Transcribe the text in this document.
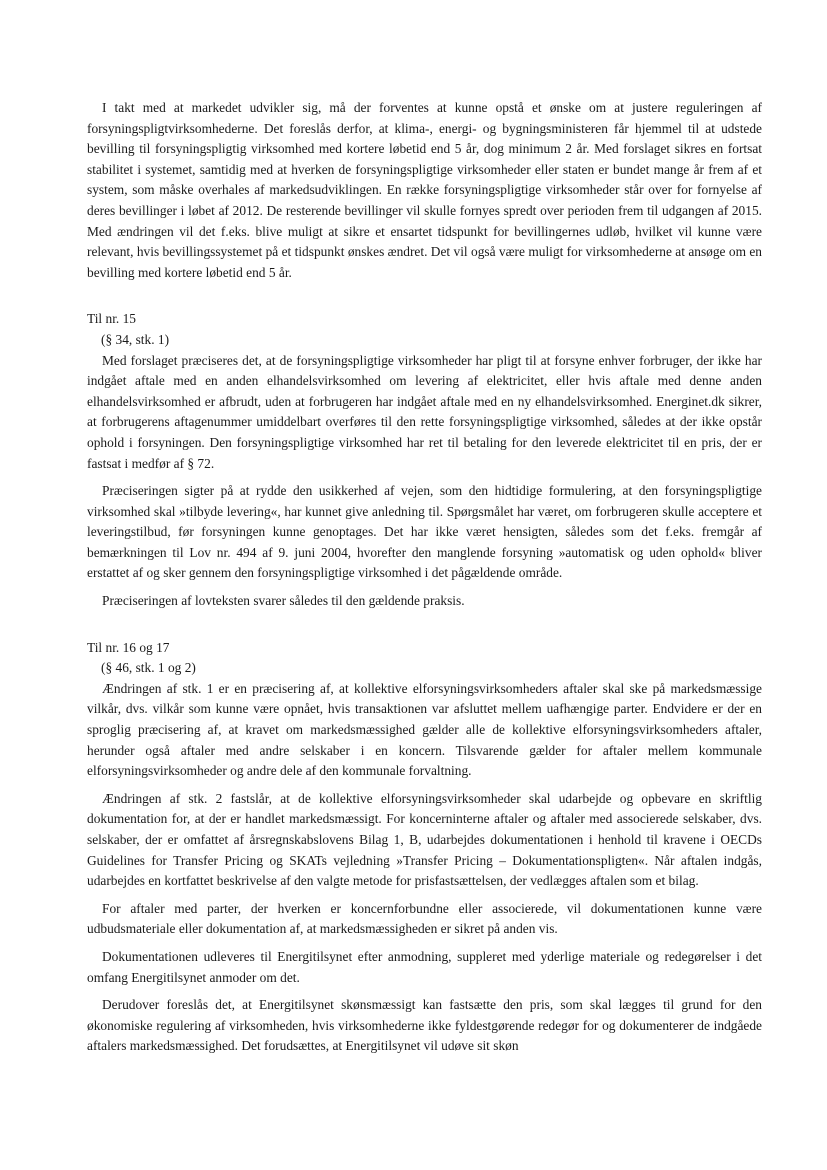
I takt med at markedet udvikler sig, må der forventes at kunne opstå et ønske om at justere reguleringen af forsyningspligtvirksomhederne. Det foreslås derfor, at klima-, energi- og bygningsministeren får hjemmel til at udstede bevilling til forsyningspligtig virksomhed med kortere løbetid end 5 år, dog minimum 2 år. Med forslaget sikres en fortsat stabilitet i systemet, samtidig med at hverken de forsyningspligtige virksomheder eller staten er bundet mange år frem af et system, som måske overhales af markedsudviklingen. En række forsyningspligtige virksomheder står over for fornyelse af deres bevillinger i løbet af 2012. De resterende bevillinger vil skulle fornyes spredt over perioden frem til udgangen af 2015. Med ændringen vil det f.eks. blive muligt at sikre et ensartet tidspunkt for bevillingernes udløb, hvilket vil kunne være relevant, hvis bevillingssystemet på et tidspunkt ønskes ændret. Det vil også være muligt for virksomhederne at ansøge om en bevilling med kortere løbetid end 5 år.

Til nr. 15
(§ 34, stk. 1)

Med forslaget præciseres det, at de forsyningspligtige virksomheder har pligt til at forsyne enhver forbruger, der ikke har indgået aftale med en anden elhandelsvirksomhed om levering af elektricitet, eller hvis aftale med denne anden elhandelsvirksomhed er afbrudt, uden at forbrugeren har indgået aftale med en ny elhandelsvirksomhed. Energinet.dk sikrer, at forbrugerens aftagenummer umiddelbart overføres til den rette forsyningspligtige virksomhed, således at der ikke opstår ophold i forsyningen. Den forsyningspligtige virksomhed har ret til betaling for den leverede elektricitet til en pris, der er fastsat i medfør af § 72.

Præciseringen sigter på at rydde den usikkerhed af vejen, som den hidtidige formulering, at den forsyningspligtige virksomhed skal »tilbyde levering«, har kunnet give anledning til. Spørgsmålet har været, om forbrugeren skulle acceptere et leveringstilbud, før forsyningen kunne genoptages. Det har ikke været hensigten, således som det f.eks. fremgår af bemærkningen til Lov nr. 494 af 9. juni 2004, hvorefter den manglende forsyning »automatisk og uden ophold« bliver erstattet af og sker gennem den forsyningspligtige virksomhed i det pågældende område.

Præciseringen af lovteksten svarer således til den gældende praksis.

Til nr. 16 og 17
(§ 46, stk. 1 og 2)

Ændringen af stk. 1 er en præcisering af, at kollektive elforsyningsvirksomheders aftaler skal ske på markedsmæssige vilkår, dvs. vilkår som kunne være opnået, hvis transaktionen var afsluttet mellem uafhængige parter. Endvidere er der en sproglig præcisering af, at kravet om markedsmæssighed gælder alle de kollektive elforsyningsvirksomheders aftaler, herunder også aftaler med andre selskaber i en koncern. Tilsvarende gælder for aftaler mellem kommunale elforsyningsvirksomheder og andre dele af den kommunale forvaltning.

Ændringen af stk. 2 fastslår, at de kollektive elforsyningsvirksomheder skal udarbejde og opbevare en skriftlig dokumentation for, at der er handlet markedsmæssigt. For koncerninterne aftaler og aftaler med associerede selskaber, dvs. selskaber, der er omfattet af årsregnskabslovens Bilag 1, B, udarbejdes dokumentationen i henhold til kravene i OECDs Guidelines for Transfer Pricing og SKATs vejledning »Transfer Pricing – Dokumentationspligten«. Når aftalen indgås, udarbejdes en kortfattet beskrivelse af den valgte metode for prisfastsættelsen, der vedlægges aftalen som et bilag.

For aftaler med parter, der hverken er koncernforbundne eller associerede, vil dokumentationen kunne være udbudsmateriale eller dokumentation af, at markedsmæssigheden er sikret på anden vis.

Dokumentationen udleveres til Energitilsynet efter anmodning, suppleret med yderlige materiale og redegørelser i det omfang Energitilsynet anmoder om det.

Derudover foreslås det, at Energitilsynet skønsmæssigt kan fastsætte den pris, som skal lægges til grund for den økonomiske regulering af virksomheden, hvis virksomhederne ikke fyldestgørende redegør for og dokumenterer de indgåede aftalers markedsmæssighed. Det forudsættes, at Energitilsynet vil udøve sit skøn
